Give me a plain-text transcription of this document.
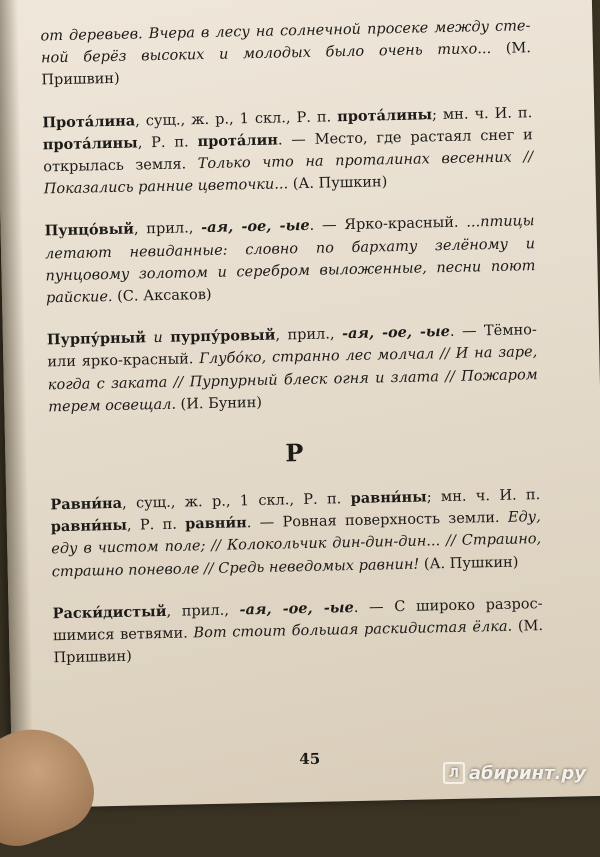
от деревьев. Вчера в лесу на солнечной просеке между стеной берёз высоких и молодых было очень тихо... (М. Пришвин)
Прота́лина, сущ., ж. р., 1 скл., Р. п. прота́лины; мн. ч. И. п. прота́лины, Р. п. прота́лин. — Место, где растаял снег и открылась земля. Только что на проталинах весенних // Показались ранние цветочки... (А. Пушкин)
Пунцо́вый, прил., -ая, -ое, -ые. — Ярко-красный. ...птицы летают невиданные: словно по бархату зелёному и пунцовому золотом и серебром выложенные, песни поют райские. (С. Аксаков)
Пурпу́рный и пурпу́ровый, прил., -ая, -ое, -ые. — Тёмно- или ярко-красный. Глубо́ко, странно лес молчал // И на заре, когда с заката // Пурпурный блеск огня и злата // Пожаром терем освещал. (И. Бунин)
Р
Равни́на, сущ., ж. р., 1 скл., Р. п. равни́ны; мн. ч. И. п. равни́ны, Р. п. равни́н. — Ровная поверхность земли. Еду, еду в чистом поле; // Колокольчик дин-дин-дин... // Страшно, страшно поневоле // Средь неведомых равнин! (А. Пушкин)
Раски́дистый, прил., -ая, -ое, -ые. — С широко разросшимися ветвями. Вот стоит большая раскидистая ёлка. (М. Пришвин)
45
Л абиринт.ру
